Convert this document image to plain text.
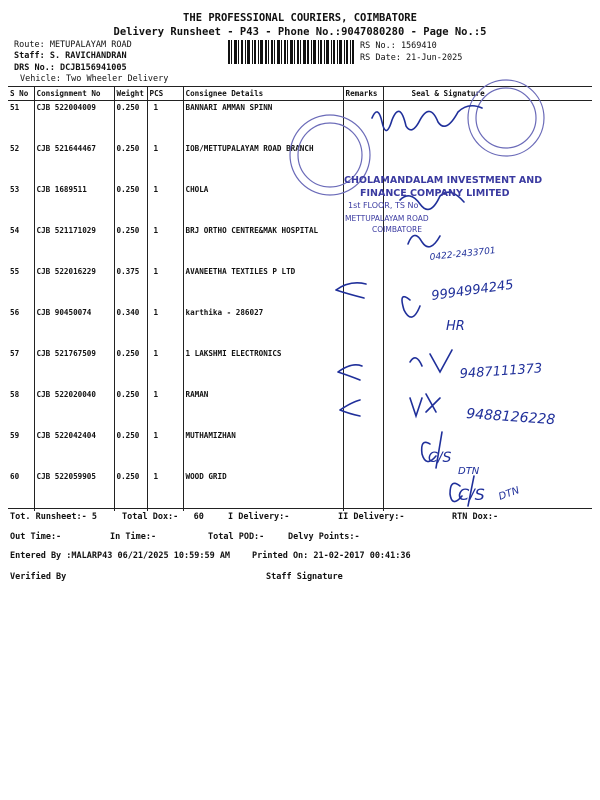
THE PROFESSIONAL COURIERS, COIMBATORE
Delivery Runsheet - P43 - Phone No.:9047080280 - Page No.:5
Route: METUPALAYAM ROAD
Staff: S. RAVICHANDRAN
DRS No.: DCJB156941005
Vehicle: Two Wheeler Delivery
RS No.: 1569410
RS Date: 21-Jun-2025
S No	Consignment No	Weight	PCS	Consignee Details	Remarks	Seal & Signature
51	CJB 522004009	0.250	1	BANNARI AMMAN SPINN		
52	CJB 521644467	0.250	1	IOB/METTUPALAYAM ROAD BRANCH		
53	CJB 1689511	0.250	1	CHOLA		
54	CJB 521171029	0.250	1	BRJ ORTHO CENTRE&MAK HOSPITAL		
55	CJB 522016229	0.375	1	AVANEETHA TEXTILES P LTD		
56	CJB 90450074	0.340	1	karthika - 286027		
57	CJB 521767509	0.250	1	1 LAKSHMI ELECTRONICS		
58	CJB 522020040	0.250	1	RAMAN		
59	CJB 522042404	0.250	1	MUTHAMIZHAN		
60	CJB 522059905	0.250	1	WOOD GRID		
Tot. Runsheet:- 5	Total Dox:-   60	I Delivery:-	II Delivery:-	RTN Dox:-
Out Time:-	In Time:-	Total POD:-	Delvy Points:-
Entered By :MALARP43 06/21/2025 10:59:59 AM	Printed On: 21-02-2017 00:41:36
Verified By	Staff Signature
CHOLAMANDALAM INVESTMENT AND
FINANCE COMPANY LIMITED
1st FLOOR, TS No
METTUPALAYAM ROAD
COIMBATORE
0422-2433701
9994994245
HR
9487111373
9488126228
C/S
DTN
C/S DTN
